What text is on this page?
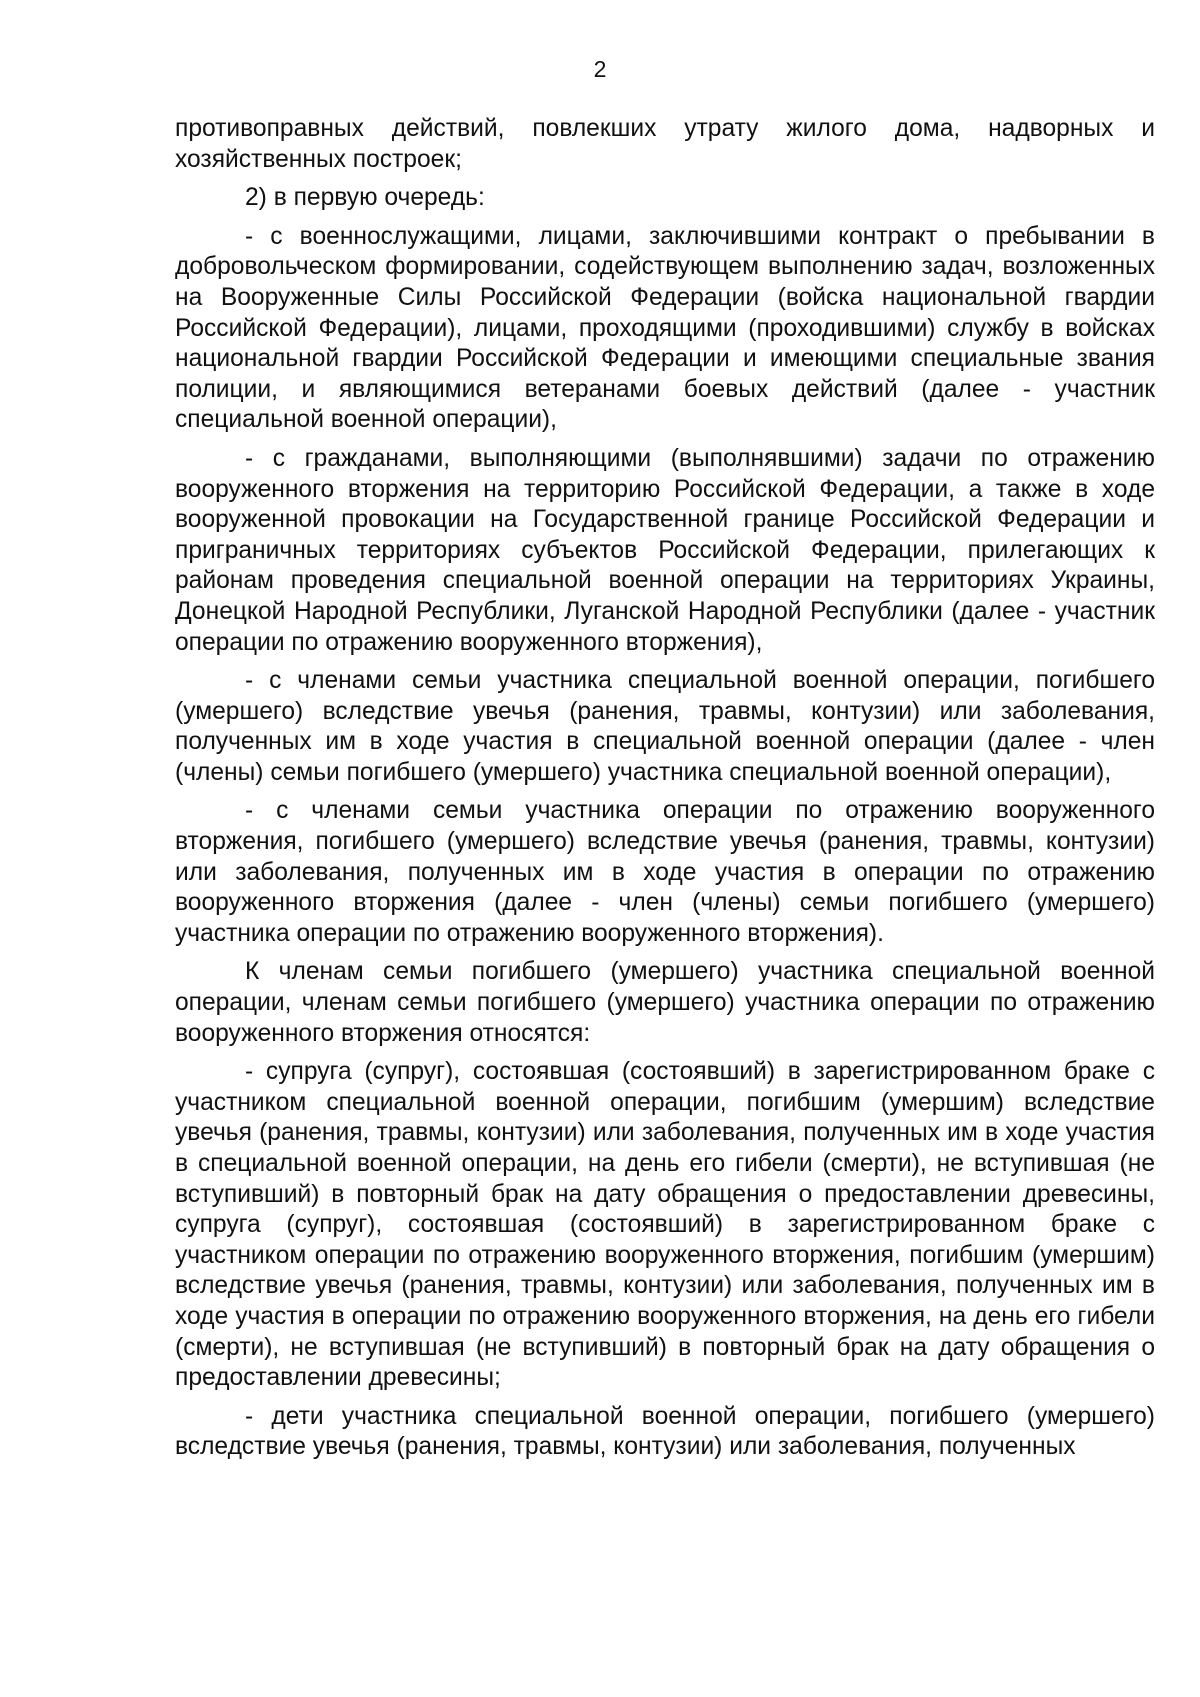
2

противоправных действий, повлекших утрату жилого дома, надворных и хозяйственных построек;

2) в первую очередь:

- с военнослужащими, лицами, заключившими контракт о пребывании в добровольческом формировании, содействующем выполнению задач, возложенных на Вооруженные Силы Российской Федерации (войска национальной гвардии Российской Федерации), лицами, проходящими (проходившими) службу в войсках национальной гвардии Российской Федерации и имеющими специальные звания полиции, и являющимися ветеранами боевых действий (далее - участник специальной военной операции),

- с гражданами, выполняющими (выполнявшими) задачи по отражению вооруженного вторжения на территорию Российской Федерации, а также в ходе вооруженной провокации на Государственной границе Российской Федерации и приграничных территориях субъектов Российской Федерации, прилегающих к районам проведения специальной военной операции на территориях Украины, Донецкой Народной Республики, Луганской Народной Республики (далее - участник операции по отражению вооруженного вторжения),

- с членами семьи участника специальной военной операции, погибшего (умершего) вследствие увечья (ранения, травмы, контузии) или заболевания, полученных им в ходе участия в специальной военной операции (далее - член (члены) семьи погибшего (умершего) участника специальной военной операции),

- с членами семьи участника операции по отражению вооруженного вторжения, погибшего (умершего) вследствие увечья (ранения, травмы, контузии) или заболевания, полученных им в ходе участия в операции по отражению вооруженного вторжения (далее - член (члены) семьи погибшего (умершего) участника операции по отражению вооруженного вторжения).

К членам семьи погибшего (умершего) участника специальной военной операции, членам семьи погибшего (умершего) участника операции по отражению вооруженного вторжения относятся:

- супруга (супруг), состоявшая (состоявший) в зарегистрированном браке с участником специальной военной операции, погибшим (умершим) вследствие увечья (ранения, травмы, контузии) или заболевания, полученных им в ходе участия в специальной военной операции, на день его гибели (смерти), не вступившая (не вступивший) в повторный брак на дату обращения о предоставлении древесины, супруга (супруг), состоявшая (состоявший) в зарегистрированном браке с участником операции по отражению вооруженного вторжения, погибшим (умершим) вследствие увечья (ранения, травмы, контузии) или заболевания, полученных им в ходе участия в операции по отражению вооруженного вторжения, на день его гибели (смерти), не вступившая (не вступивший) в повторный брак на дату обращения о предоставлении древесины;

- дети участника специальной военной операции, погибшего (умершего) вследствие увечья (ранения, травмы, контузии) или заболевания, полученных
